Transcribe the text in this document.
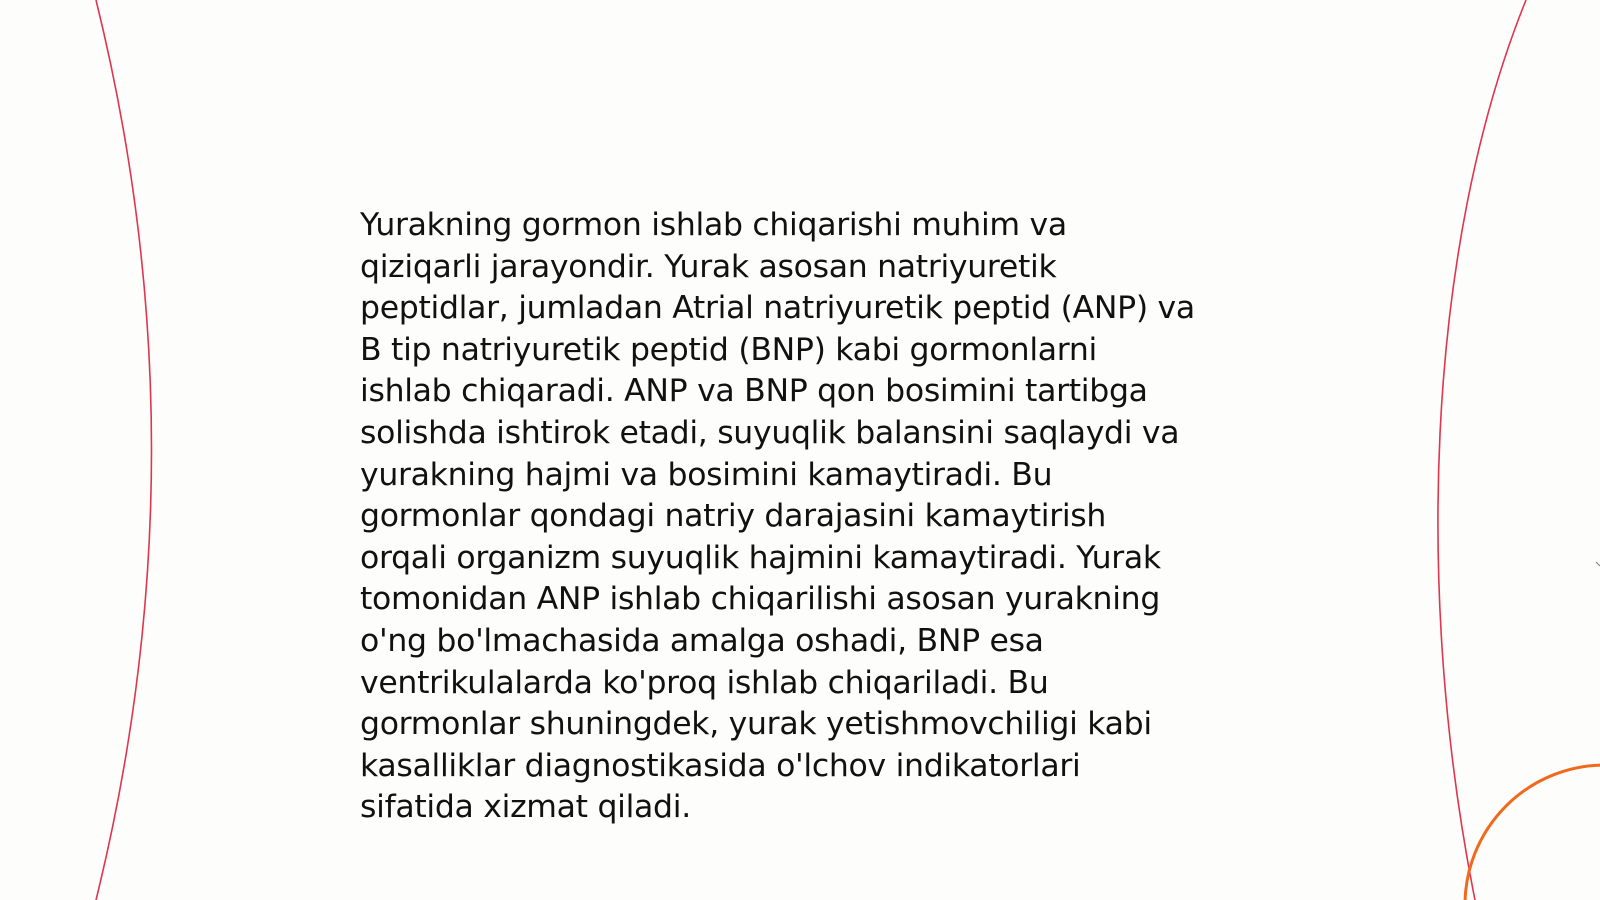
Yurakning gormon ishlab chiqarishi muhim va
qiziqarli jarayondir. Yurak asosan natriyuretik
peptidlar, jumladan Atrial natriyuretik peptid (ANP) va
B tip natriyuretik peptid (BNP) kabi gormonlarni
ishlab chiqaradi. ANP va BNP qon bosimini tartibga
solishda ishtirok etadi, suyuqlik balansini saqlaydi va
yurakning hajmi va bosimini kamaytiradi. Bu
gormonlar qondagi natriy darajasini kamaytirish
orqali organizm suyuqlik hajmini kamaytiradi. Yurak
tomonidan ANP ishlab chiqarilishi asosan yurakning
o'ng bo'lmachasida amalga oshadi, BNP esa
ventrikulalarda ko'proq ishlab chiqariladi. Bu
gormonlar shuningdek, yurak yetishmovchiligi kabi
kasalliklar diagnostikasida o'lchov indikatorlari
sifatida xizmat qiladi.
